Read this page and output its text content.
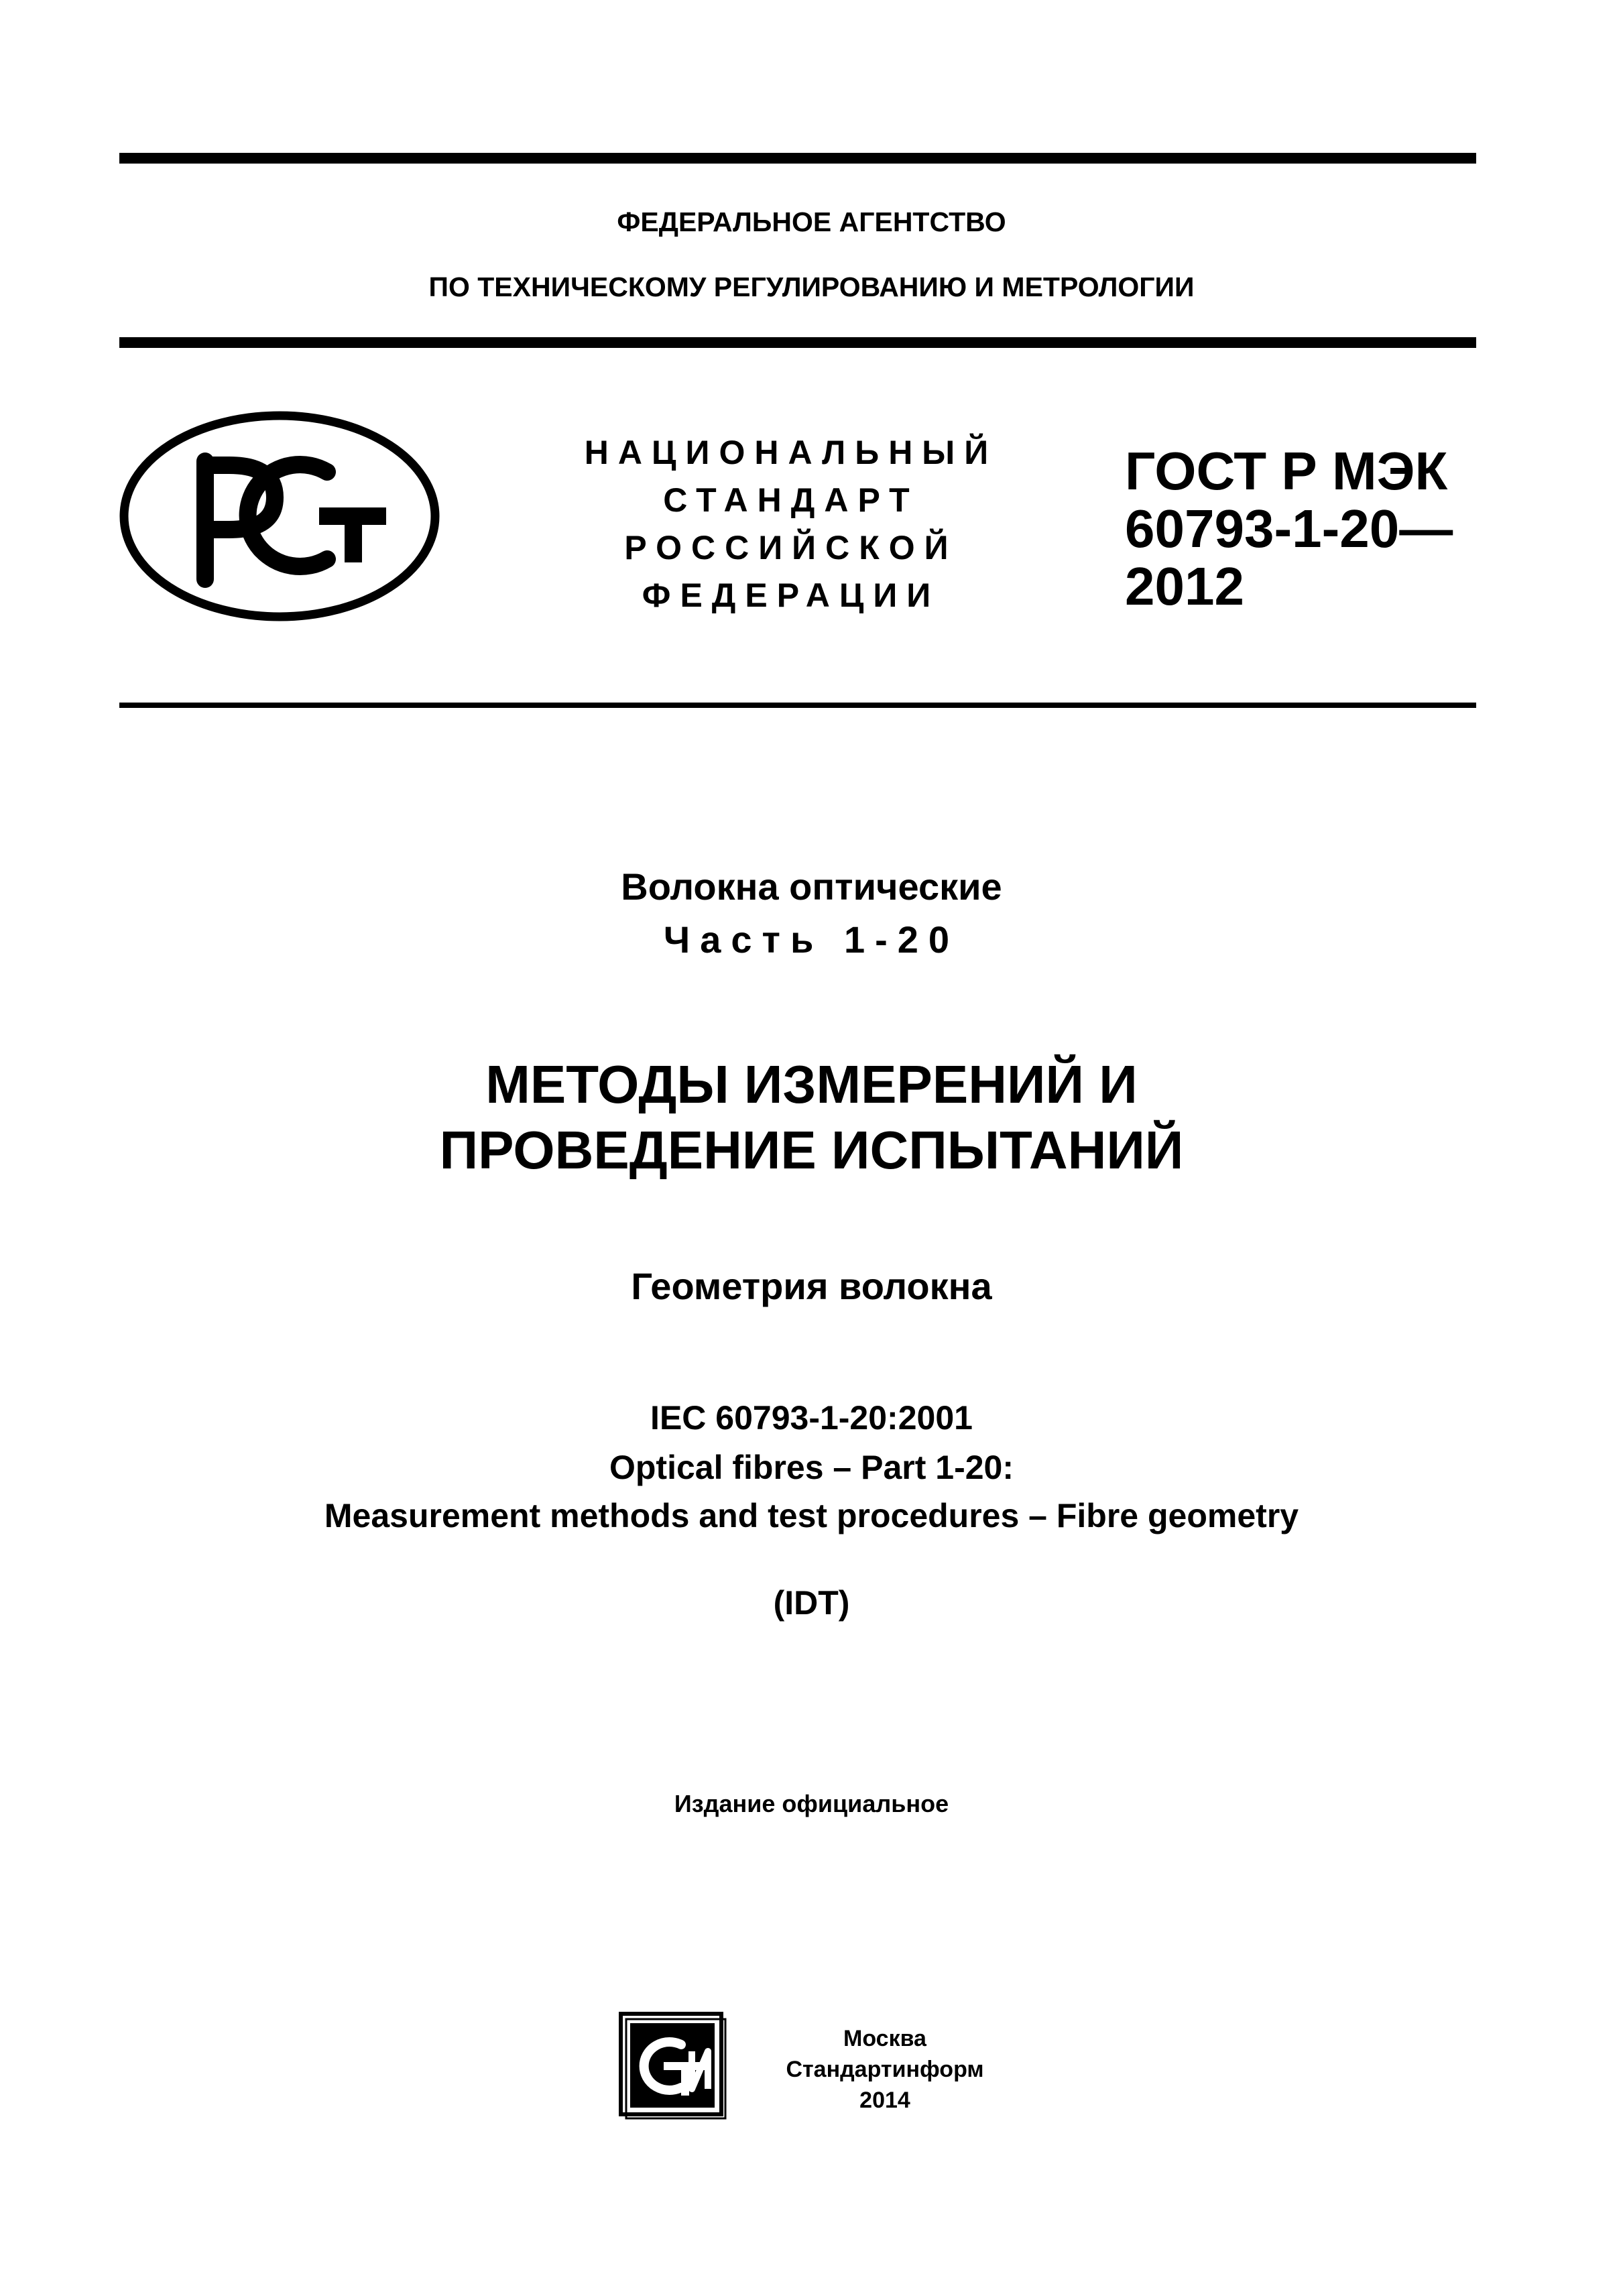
ФЕДЕРАЛЬНОЕ АГЕНТСТВО
ПО ТЕХНИЧЕСКОМУ РЕГУЛИРОВАНИЮ И МЕТРОЛОГИИ
НАЦИОНАЛЬНЫЙ
СТАНДАРТ
РОССИЙСКОЙ
ФЕДЕРАЦИИ
ГОСТ Р МЭК
60793-1-20—
2012
Волокна оптические
Часть 1-20
МЕТОДЫ ИЗМЕРЕНИЙ И
ПРОВЕДЕНИЕ ИСПЫТАНИЙ
Геометрия волокна
IEC 60793-1-20:2001
Optical fibres – Part 1-20:
Measurement methods and test procedures – Fibre geometry
(IDT)
Издание официальное
Москва
Стандартинформ
2014
